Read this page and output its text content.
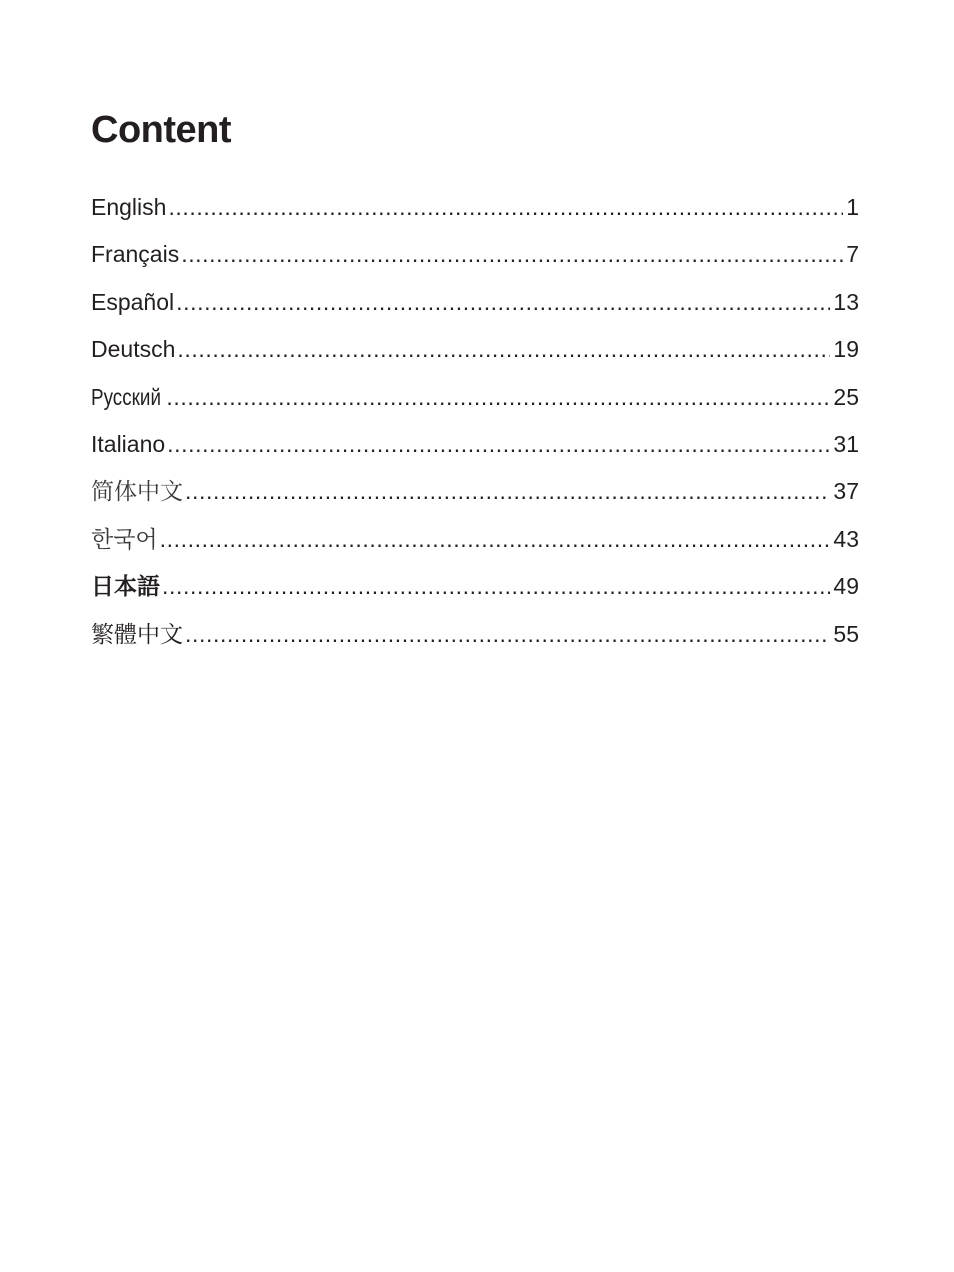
Content
English .....	1
Français .....	7
Español .....	13
Deutsch .....	19
Русский .....	25
Italiano .....	31
简体中文 .....	37
한국어 .....	43
日本語 .....	49
繁體中文 .....	55
